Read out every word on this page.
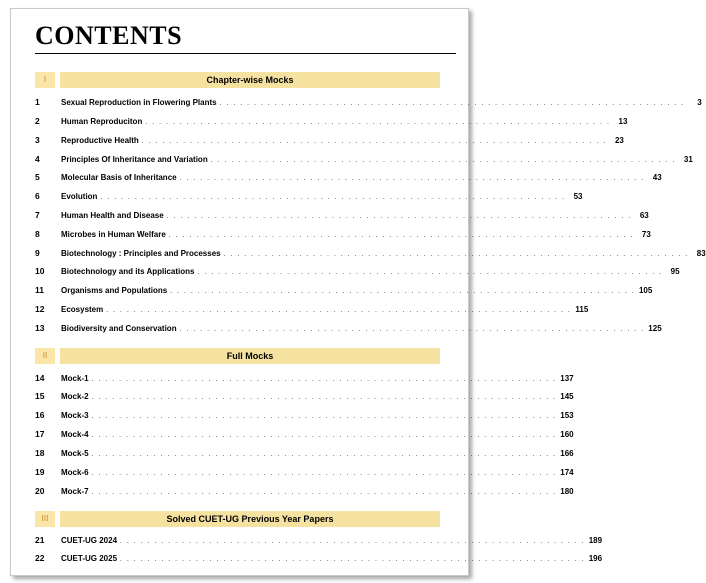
CONTENTS
I	Chapter-wise Mocks
1	Sexual Reproduction in Flowering Plants . . . . . . . . . . . . . . . . . . . . . . . . . . . . . . . . . . . . . . . . . . . . . . . . . . . . . . . . . . . . . . . . . . . .	3
2	Human Reproduciton . . . . . . . . . . . . . . . . . . . . . . . . . . . . . . . . . . . . . . . . . . . . . . . . . . . . . . . . . . . . . . . . . . . .	13
3	Reproductive Health . . . . . . . . . . . . . . . . . . . . . . . . . . . . . . . . . . . . . . . . . . . . . . . . . . . . . . . . . . . . . . . . . . . .	23
4	Principles Of Inheritance and Variation . . . . . . . . . . . . . . . . . . . . . . . . . . . . . . . . . . . . . . . . . . . . . . . . . . . . . . . . . . . . . . . . . . . .	31
5	Molecular Basis of Inheritance . . . . . . . . . . . . . . . . . . . . . . . . . . . . . . . . . . . . . . . . . . . . . . . . . . . . . . . . . . . . . . . . . . . .	43
6	Evolution . . . . . . . . . . . . . . . . . . . . . . . . . . . . . . . . . . . . . . . . . . . . . . . . . . . . . . . . . . . . . . . . . . . .	53
7	Human Health and Disease . . . . . . . . . . . . . . . . . . . . . . . . . . . . . . . . . . . . . . . . . . . . . . . . . . . . . . . . . . . . . . . . . . . .	63
8	Microbes in Human Welfare . . . . . . . . . . . . . . . . . . . . . . . . . . . . . . . . . . . . . . . . . . . . . . . . . . . . . . . . . . . . . . . . . . . .	73
9	Biotechnology : Principles and Processes . . . . . . . . . . . . . . . . . . . . . . . . . . . . . . . . . . . . . . . . . . . . . . . . . . . . . . . . . . . . . . . . . . . .	83
10	Biotechnology and its Applications . . . . . . . . . . . . . . . . . . . . . . . . . . . . . . . . . . . . . . . . . . . . . . . . . . . . . . . . . . . . . . . . . . . .	95
11	Organisms and Populations . . . . . . . . . . . . . . . . . . . . . . . . . . . . . . . . . . . . . . . . . . . . . . . . . . . . . . . . . . . . . . . . . . . . 105
12	Ecosystem . . . . . . . . . . . . . . . . . . . . . . . . . . . . . . . . . . . . . . . . . . . . . . . . . . . . . . . . . . . . . . . . . . . . 115
13	Biodiversity and Conservation . . . . . . . . . . . . . . . . . . . . . . . . . . . . . . . . . . . . . . . . . . . . . . . . . . . . . . . . . . . . . . . . . . . . 125
II	Full Mocks
14	Mock-1 . . . . . . . . . . . . . . . . . . . . . . . . . . . . . . . . . . . . . . . . . . . . . . . . . . . . . . . . . . . . . . . . . . . . 137
15	Mock-2 . . . . . . . . . . . . . . . . . . . . . . . . . . . . . . . . . . . . . . . . . . . . . . . . . . . . . . . . . . . . . . . . . . . . 145
16	Mock-3 . . . . . . . . . . . . . . . . . . . . . . . . . . . . . . . . . . . . . . . . . . . . . . . . . . . . . . . . . . . . . . . . . . . . 153
17	Mock-4 . . . . . . . . . . . . . . . . . . . . . . . . . . . . . . . . . . . . . . . . . . . . . . . . . . . . . . . . . . . . . . . . . . . . 160
18	Mock-5 . . . . . . . . . . . . . . . . . . . . . . . . . . . . . . . . . . . . . . . . . . . . . . . . . . . . . . . . . . . . . . . . . . . . 166
19	Mock-6 . . . . . . . . . . . . . . . . . . . . . . . . . . . . . . . . . . . . . . . . . . . . . . . . . . . . . . . . . . . . . . . . . . . . 174
20	Mock-7 . . . . . . . . . . . . . . . . . . . . . . . . . . . . . . . . . . . . . . . . . . . . . . . . . . . . . . . . . . . . . . . . . . . . 180
III	Solved CUET-UG Previous Year Papers
21	CUET-UG 2024 . . . . . . . . . . . . . . . . . . . . . . . . . . . . . . . . . . . . . . . . . . . . . . . . . . . . . . . . . . . . . . . . . . . . 189
22	CUET-UG 2025 . . . . . . . . . . . . . . . . . . . . . . . . . . . . . . . . . . . . . . . . . . . . . . . . . . . . . . . . . . . . . . . . . . . . 196
